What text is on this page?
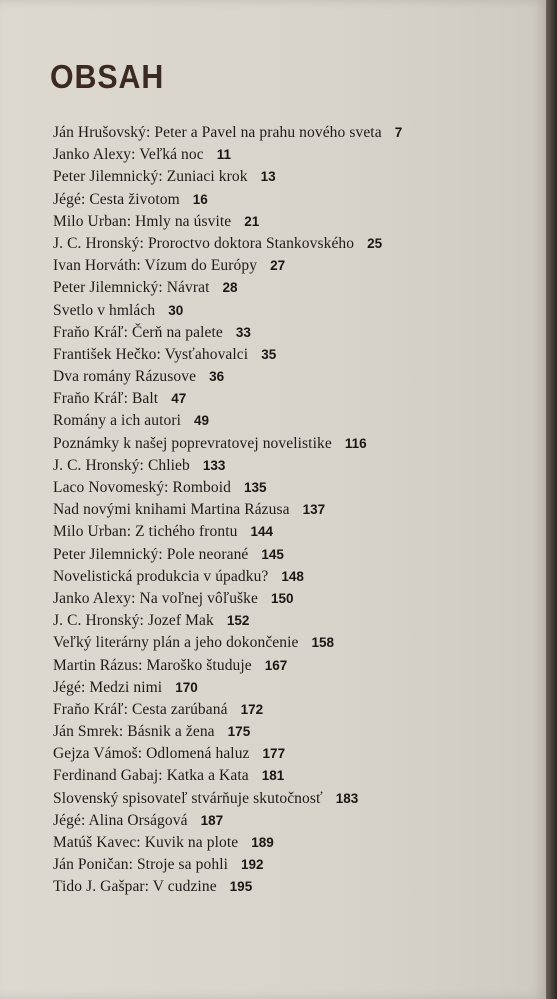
OBSAH
Ján Hrušovský: Peter a Pavel na prahu nového sveta 7
Janko Alexy: Veľká noc 11
Peter Jilemnický: Zuniaci krok 13
Jégé: Cesta životom 16
Milo Urban: Hmly na úsvite 21
J. C. Hronský: Proroctvo doktora Stankovského 25
Ivan Horváth: Vízum do Európy 27
Peter Jilemnický: Návrat 28
Svetlo v hmlách 30
Fraňo Kráľ: Čerň na palete 33
František Hečko: Vysťahovalci 35
Dva romány Rázusove 36
Fraňo Kráľ: Balt 47
Romány a ich autori 49
Poznámky k našej poprevratovej novelistike 116
J. C. Hronský: Chlieb 133
Laco Novomeský: Romboid 135
Nad novými knihami Martina Rázusa 137
Milo Urban: Z tichého frontu 144
Peter Jilemnický: Pole neorané 145
Novelistická produkcia v úpadku? 148
Janko Alexy: Na voľnej vôľuške 150
J. C. Hronský: Jozef Mak 152
Veľký literárny plán a jeho dokončenie 158
Martin Rázus: Maroško študuje 167
Jégé: Medzi nimi 170
Fraňo Kráľ: Cesta zarúbaná 172
Ján Smrek: Básnik a žena 175
Gejza Vámoš: Odlomená haluz 177
Ferdinand Gabaj: Katka a Kata 181
Slovenský spisovateľ stvárňuje skutočnosť 183
Jégé: Alina Orságová 187
Matúš Kavec: Kuvik na plote 189
Ján Poničan: Stroje sa pohli 192
Tido J. Gašpar: V cudzine 195
